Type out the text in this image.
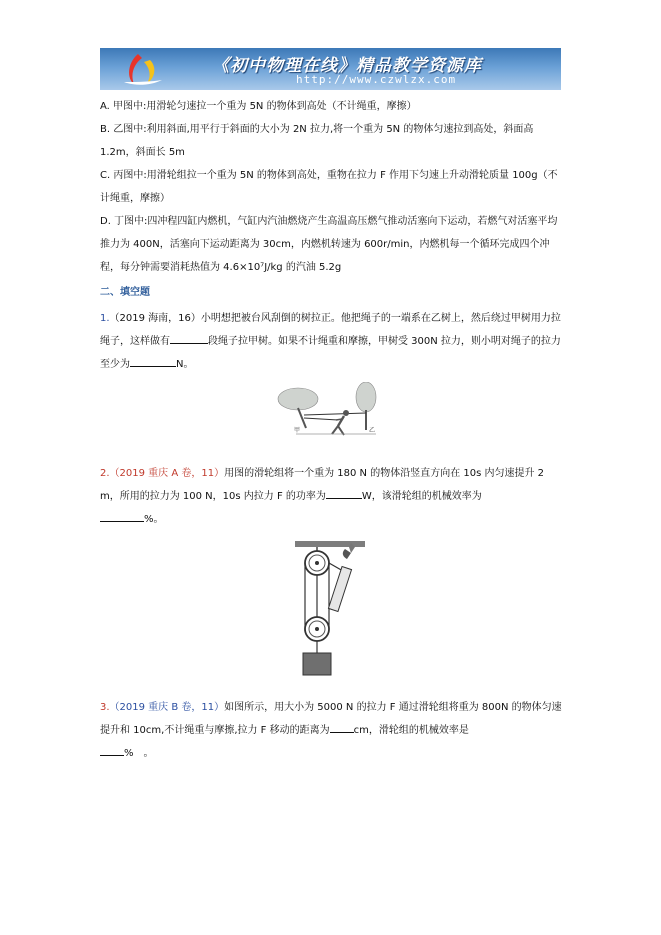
《初中物理在线》精品教学资源库
http://www.czwlzx.com

A. 甲图中:用滑轮匀速拉一个重为 5N 的物体到高处（不计绳重，摩擦）

B. 乙图中:利用斜面,用平行于斜面的大小为 2N 拉力,将一个重为 5N 的物体匀速拉到高处，斜面高 1.2m，斜面长 5m

C. 丙图中:用滑轮组拉一个重为 5N 的物体到高处，重物在拉力 F 作用下匀速上升动滑轮质量 100g（不计绳重，摩擦）

D. 丁图中:四冲程四缸内燃机，气缸内汽油燃烧产生高温高压燃气推动活塞向下运动，若燃气对活塞平均推力为 400N，活塞向下运动距离为 30cm，内燃机转速为 600r/min，内燃机每一个循环完成四个冲程，每分钟需要消耗热值为 4.6×10⁷J/kg 的汽油 5.2g

二、填空题

1.（2019 海南，16）小明想把被台风刮倒的树拉正。他把绳子的一端系在乙树上，然后绕过甲树用力拉绳子，这样做有	段绳子拉甲树。如果不计绳重和摩擦，甲树受 300N 拉力，则小明对绳子的拉力至少为	N。

甲	乙

2.（2019 重庆 A 卷，11）用图的滑轮组将一个重为 180 N 的物体沿竖直方向在 10s 内匀速提升 2 m，所用的拉力为 100 N，10s 内拉力 F 的功率为	W，该滑轮组的机械效率为
%。

3.（2019 重庆 B 卷，11）如图所示，用大小为 5000 N 的拉力 F 通过滑轮组将重为 800N 的物体匀速提升和 10cm,不计绳重与摩擦,拉力 F 移动的距离为 cm，滑轮组的机械效率是
%　。
